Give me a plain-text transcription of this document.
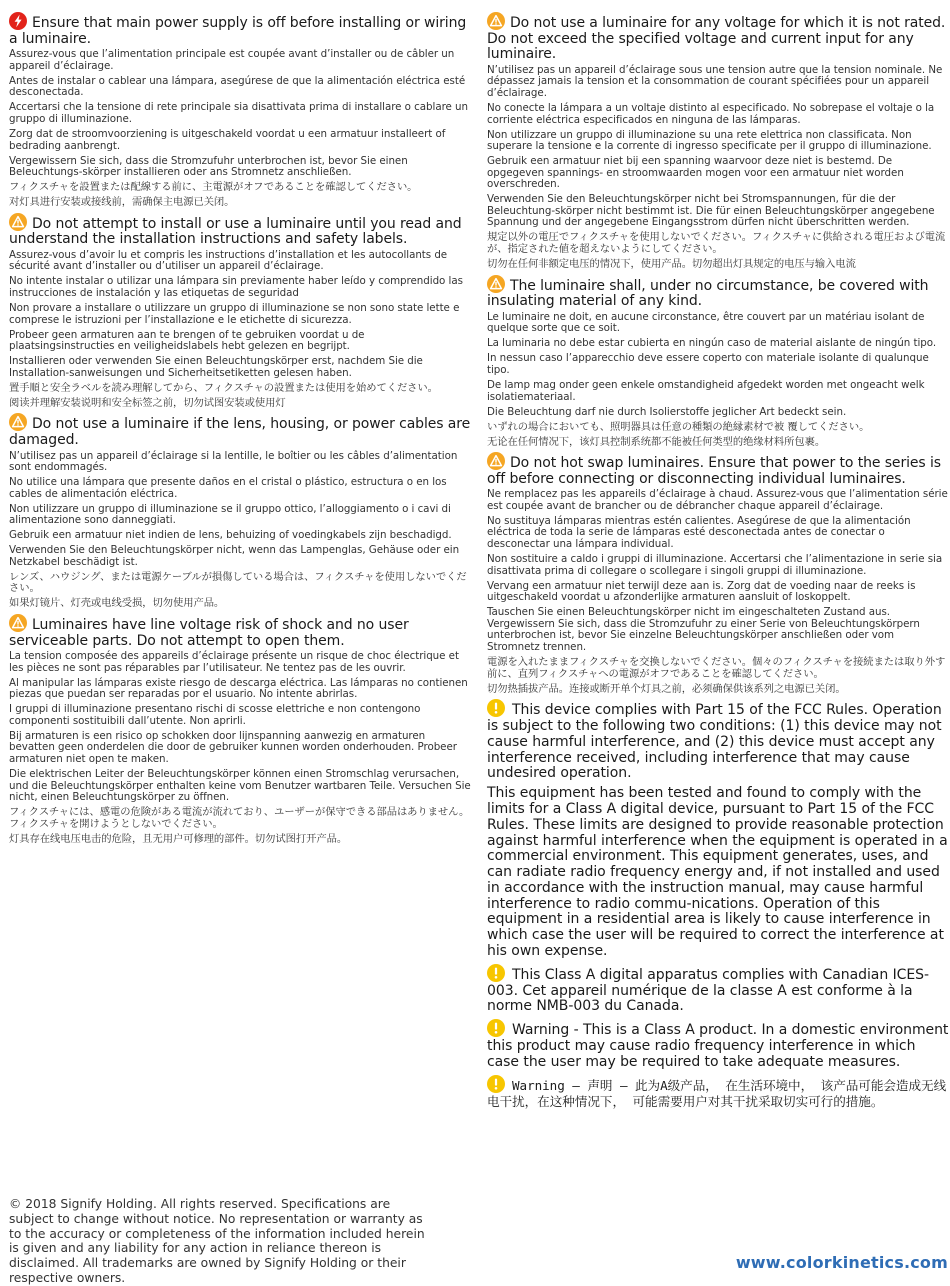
Ensure that main power supply is off before installing or wiring a luminaire.
Assurez-vous que l’alimentation principale est coupée avant d’installer ou de câbler un appareil d’éclairage.
Antes de instalar o cablear una lámpara, asegúrese de que la alimentación eléctrica esté desconectada.
Accertarsi che la tensione di rete principale sia disattivata prima di installare o cablare un gruppo di illuminazione.
Zorg dat de stroomvoorziening is uitgeschakeld voordat u een armatuur installeert of bedrading aanbrengt.
Vergewissern Sie sich, dass die Stromzufuhr unterbrochen ist, bevor Sie einen Beleuchtungs-skörper installieren oder ans Stromnetz anschließen.
フィクスチャを設置または配線する前に、主電源がオフであることを確認してください。
对灯具进行安装或接线前，需确保主电源已关闭。
Do not attempt to install or use a luminaire until you read and understand the installation instructions and safety labels.
Assurez-vous d’avoir lu et compris les instructions d’installation et les autocollants de sécurité avant d’installer ou d’utiliser un appareil d’éclairage.
No intente instalar o utilizar una lámpara sin previamente haber leído y comprendido las instrucciones de instalación y las etiquetas de seguridad
Non provare a installare o utilizzare un gruppo di illuminazione se non sono state lette e comprese le istruzioni per l’installazione e le etichette di sicurezza.
Probeer geen armaturen aan te brengen of te gebruiken voordat u de plaatsingsinstructies en veiligheidslabels hebt gelezen en begrijpt.
Installieren oder verwenden Sie einen Beleuchtungskörper erst, nachdem Sie die Installation-sanweisungen und Sicherheitsetiketten gelesen haben.
置手順と安全ラベルを読み理解してから、フィクスチャの設置または使用を始めてください。
阅读并理解安装说明和安全标签之前，切勿试图安装或使用灯
Do not use a luminaire if the lens, housing, or power cables are damaged.
N’utilisez pas un appareil d’éclairage si la lentille, le boîtier ou les câbles d’alimentation sont endommagés.
No utilice una lámpara que presente daños en el cristal o plástico, estructura o en los cables de alimentación eléctrica.
Non utilizzare un gruppo di illuminazione se il gruppo ottico, l’alloggiamento o i cavi di alimentazione sono danneggiati.
Gebruik een armatuur niet indien de lens, behuizing of voedingkabels zijn beschadigd.
Verwenden Sie den Beleuchtungskörper nicht, wenn das Lampenglas, Gehäuse oder ein Netzkabel beschädigt ist.
レンズ、ハウジング、または電源ケーブルが損傷している場合は、フィクスチャを使用しないでください。
如果灯镜片、灯壳或电线受损，切勿使用产品。
Luminaires have line voltage risk of shock and no user serviceable parts. Do not attempt to open them.
La tension composée des appareils d’éclairage présente un risque de choc électrique et les pièces ne sont pas réparables par l’utilisateur. Ne tentez pas de les ouvrir.
Al manipular las lámparas existe riesgo de descarga eléctrica. Las lámparas no contienen piezas que puedan ser reparadas por el usuario. No intente abrirlas.
I gruppi di illuminazione presentano rischi di scosse elettriche e non contengono componenti sostituibili dall’utente. Non aprirli.
Bij armaturen is een risico op schokken door lijnspanning aanwezig en armaturen bevatten geen onderdelen die door de gebruiker kunnen worden onderhouden. Probeer armaturen niet open te maken.
Die elektrischen Leiter der Beleuchtungskörper können einen Stromschlag verursachen, und die Beleuchtungskörper enthalten keine vom Benutzer wartbaren Teile. Versuchen Sie nicht, einen Beleuchtungskörper zu öffnen.
フィクスチャには、感電の危険がある電流が流れており、ユーザーが保守できる部品はありません。フィクスチャを開けようとしないでください。
灯具存在线电压电击的危险，且无用户可修理的部件。切勿试图打开产品。
Do not use a luminaire for any voltage for which it is not rated. Do not exceed the specified voltage and current input for any luminaire.
N’utilisez pas un appareil d’éclairage sous une tension autre que la tension nominale. Ne dépassez jamais la tension et la consommation de courant spécifiées pour un appareil d’éclairage.
No conecte la lámpara a un voltaje distinto al especificado. No sobrepase el voltaje o la corriente eléctrica especificados en ninguna de las lámparas.
Non utilizzare un gruppo di illuminazione su una rete elettrica non classificata. Non superare la tensione e la corrente di ingresso specificate per il gruppo di illuminazione.
Gebruik een armatuur niet bij een spanning waarvoor deze niet is bestemd. De opgegeven spannings- en stroomwaarden mogen voor een armatuur niet worden overschreden.
Verwenden Sie den Beleuchtungskörper nicht bei Stromspannungen, für die der Beleuchtung-skörper nicht bestimmt ist. Die für einen Beleuchtungskörper angegebene Spannung und der angegebene Eingangsstrom dürfen nicht überschritten werden.
規定以外の電圧でフィクスチャを使用しないでください。フィクスチャに供給される電圧および電流が、指定された値を超えないようにしてください。
切勿在任何非额定电压的情况下，使用产品。切勿超出灯具规定的电压与输入电流
The luminaire shall, under no circumstance, be covered with insulating material of any kind.
Le luminaire ne doit, en aucune circonstance, être couvert par un matériau isolant de quelque sorte que ce soit.
La luminaria no debe estar cubierta en ningún caso de material aislante de ningún tipo.
In nessun caso l’apparecchio deve essere coperto con materiale isolante di qualunque tipo.
De lamp mag onder geen enkele omstandigheid afgedekt worden met ongeacht welk isolatiemateriaal.
Die Beleuchtung darf nie durch Isolierstoffe jeglicher Art bedeckt sein.
いずれの場合においても、照明器具は任意の種類の絶縁素材で被 覆してください。
无论在任何情况下，该灯具控制系统都不能被任何类型的绝缘材料所包裹。
Do not hot swap luminaires. Ensure that power to the series is off before connecting or disconnecting individual luminaires.
Ne remplacez pas les appareils d’éclairage à chaud. Assurez-vous que l’alimentation série est coupée avant de brancher ou de débrancher chaque appareil d’éclairage.
No sustituya lámparas mientras estén calientes. Asegúrese de que la alimentación eléctrica de toda la serie de lámparas esté desconectada antes de conectar o desconectar una lámpara individual.
Non sostituire a caldo i gruppi di illuminazione. Accertarsi che l’alimentazione in serie sia disattivata prima di collegare o scollegare i singoli gruppi di illuminazione.
Vervang een armatuur niet terwijl deze aan is. Zorg dat de voeding naar de reeks is uitgeschakeld voordat u afzonderlijke armaturen aansluit of loskoppelt.
Tauschen Sie einen Beleuchtungskörper nicht im eingeschalteten Zustand aus. Vergewissern Sie sich, dass die Stromzufuhr zu einer Serie von Beleuchtungskörpern unterbrochen ist, bevor Sie einzelne Beleuchtungskörper anschließen oder vom Stromnetz trennen.
電源を入れたままフィクスチャを交換しないでください。個々のフィクスチャを接続または取り外す前に、直列フィクスチャへの電源がオフであることを確認してください。
切勿热插拔产品。连接或断开单个灯具之前，必须确保供该系列之电源已关闭。
This device complies with Part 15 of the FCC Rules. Operation is subject to the following two conditions: (1) this device may not cause harmful interference, and (2) this device must accept any interference received, including interference that may cause undesired operation.
This equipment has been tested and found to comply with the limits for a Class A digital device, pursuant to Part 15 of the FCC Rules. These limits are designed to provide reasonable protection against harmful interference when the equipment is operated in a commercial environment. This equipment generates, uses, and can radiate radio frequency energy and, if not installed and used in accordance with the instruction manual, may cause harmful interference to radio commu-nications. Operation of this equipment in a residential area is likely to cause interference in which case the user will be required to correct the interference at his own expense.
This Class A digital apparatus complies with Canadian ICES-003. Cet appareil numérique de la classe A est conforme à la norme NMB-003 du Canada.
Warning - This is a Class A product. In a domestic environment this product may cause radio frequency interference in which case the user may be required to take adequate measures.
Warning – 声明 – 此为A级产品， 在生活环境中， 该产品可能会造成无线电干扰，在这种情况下， 可能需要用户对其干扰采取切实可行的措施。
© 2018 Signify Holding. All rights reserved. Specifications are subject to change without notice. No representation or warranty as to the accuracy or completeness of the information included herein is given and any liability for any action in reliance thereon is disclaimed. All trademarks are owned by Signify Holding or their respective owners.
www.colorkinetics.com
